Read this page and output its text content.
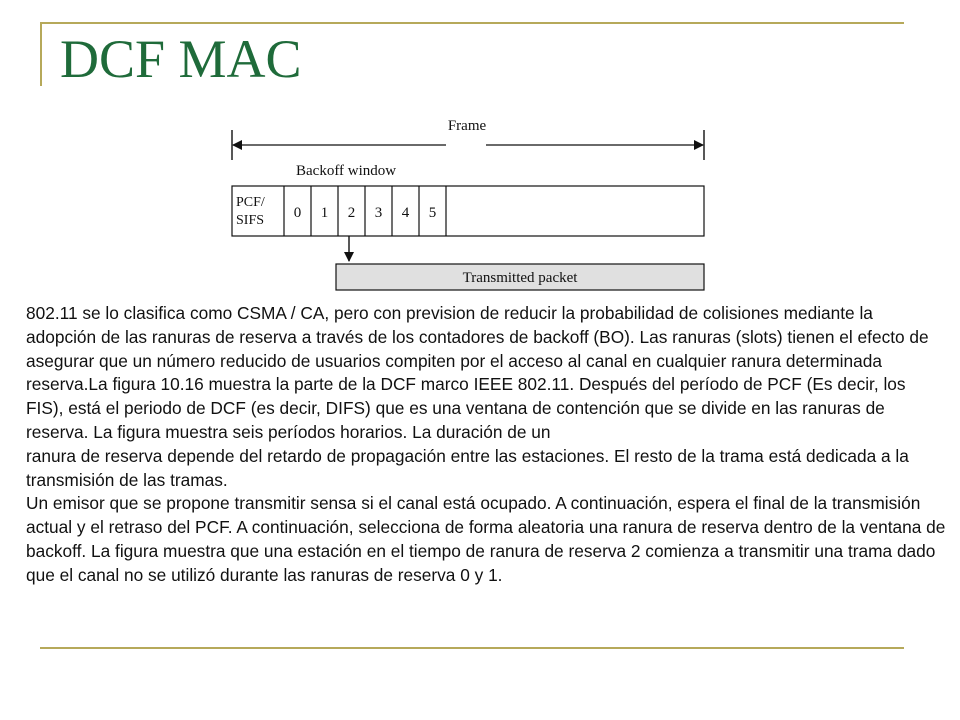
DCF MAC
Frame
Backoff window
PCF/
SIFS 0 1 2 3 4 5
Transmitted packet

802.11 se lo clasifica como CSMA / CA, pero con prevision de reducir la probabilidad de colisiones mediante la adopción de las ranuras de reserva a través de los contadores de backoff (BO). Las ranuras (slots) tienen el efecto de asegurar que un número reducido de usuarios compiten por el acceso al canal en cualquier ranura determinada reserva.La figura 10.16 muestra la parte de la DCF marco IEEE 802.11. Después del período de PCF (Es decir, los FIS), está el periodo de DCF (es decir, DIFS) que es una ventana de contención que se divide en las ranuras de reserva. La figura muestra seis períodos horarios. La duración de un

ranura de reserva depende del retardo de propagación entre las estaciones. El resto de la trama está dedicada a la transmisión de las tramas.

Un emisor que se propone transmitir sensa si el canal está ocupado. A continuación, espera el final de la transmisión actual y el retraso del PCF. A continuación, selecciona de forma aleatoria una ranura de reserva dentro de la ventana de backoff. La figura muestra que una estación en el tiempo de ranura de reserva 2 comienza a transmitir una trama dado que el canal no se utilizó durante las ranuras de reserva 0 y 1.
